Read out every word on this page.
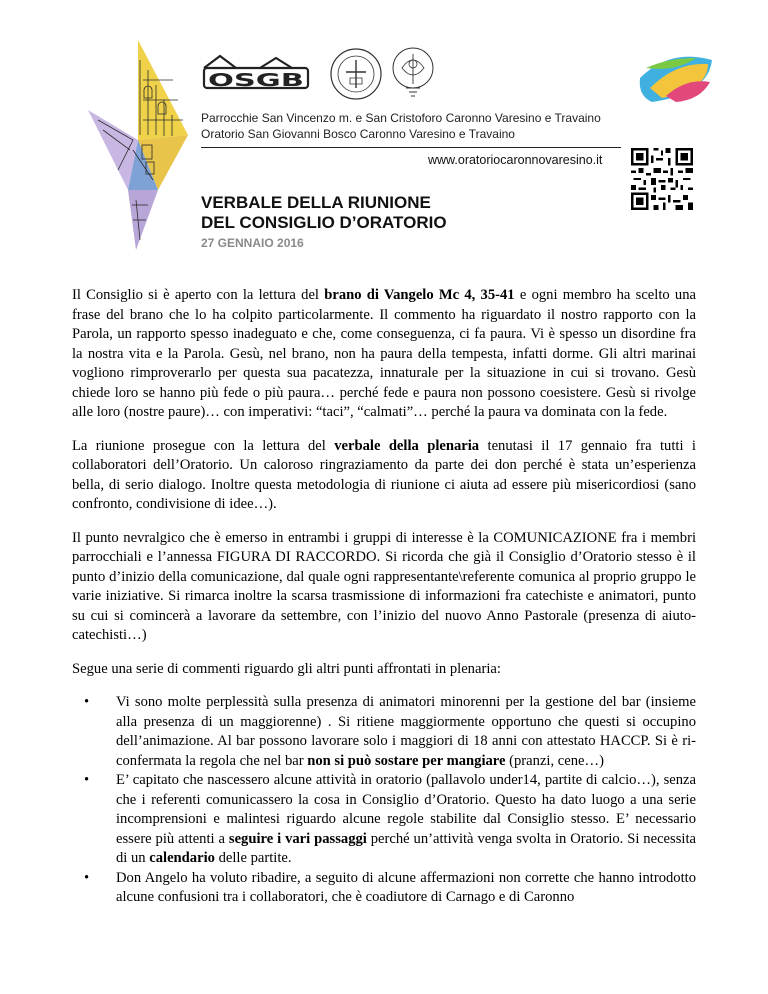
OSGB
Parrocchie San Vincenzo m. e San Cristoforo Caronno Varesino e Travaino
Oratorio San Giovanni Bosco Caronno Varesino e Travaino
www.oratoriocaronnovaresino.it
VERBALE DELLA RIUNIONE
DEL CONSIGLIO D’ORATORIO
27 GENNAIO 2016

Il Consiglio si è aperto con la lettura del brano di Vangelo Mc 4, 35-41 e ogni membro ha scelto una frase del brano che lo ha colpito particolarmente. Il commento ha riguardato il nostro rapporto con la Parola, un rapporto spesso inadeguato e che, come conseguenza, ci fa paura. Vi è spesso un disordine fra la nostra vita e la Parola. Gesù, nel brano, non ha paura della tempesta, infatti dorme. Gli altri marinai vogliono rimproverarlo per questa sua pacatezza, innaturale per la situazione in cui si trovano. Gesù chiede loro se hanno più fede o più paura… perché fede e paura non possono coesistere. Gesù si rivolge alle loro (nostre paure)… con imperativi: “taci”, “calmati”… perché la paura va dominata con la fede.

La riunione prosegue con la lettura del verbale della plenaria tenutasi il 17 gennaio fra tutti i collaboratori dell’Oratorio. Un caloroso ringraziamento da parte dei don perché è stata un’esperienza bella, di serio dialogo. Inoltre questa metodologia di riunione ci aiuta ad essere più misericordiosi (sano confronto, condivisione di idee…).

Il punto nevralgico che è emerso in entrambi i gruppi di interesse è la COMUNICAZIONE fra i membri parrocchiali e l’annessa FIGURA DI RACCORDO. Si ricorda che già il Consiglio d’Oratorio stesso è il punto d’inizio della comunicazione, dal quale ogni rappresentante\referente comunica al proprio gruppo le varie iniziative. Si rimarca inoltre la scarsa trasmissione di informazioni fra catechiste e animatori, punto su cui si comincerà a lavorare da settembre, con l’inizio del nuovo Anno Pastorale (presenza di aiuto-catechisti…)

Segue una serie di commenti riguardo gli altri punti affrontati in plenaria:

• Vi sono molte perplessità sulla presenza di animatori minorenni per la gestione del bar (insieme alla presenza di un maggiorenne) . Si ritiene maggiormente opportuno che questi si occupino dell’animazione. Al bar possono lavorare solo i maggiori di 18 anni con attestato HACCP. Si è ri-confermata la regola che nel bar non si può sostare per mangiare (pranzi, cene…)
• E’ capitato che nascessero alcune attività in oratorio (pallavolo under14, partite di calcio…), senza che i referenti comunicassero la cosa in Consiglio d’Oratorio. Questo ha dato luogo a una serie incomprensioni e malintesi riguardo alcune regole stabilite dal Consiglio stesso. E’ necessario essere più attenti a seguire i vari passaggi perché un’attività venga svolta in Oratorio. Si necessita di un calendario delle partite.
• Don Angelo ha voluto ribadire, a seguito di alcune affermazioni non corrette che hanno introdotto alcune confusioni tra i collaboratori, che è coadiutore di Carnago e di Caronno
